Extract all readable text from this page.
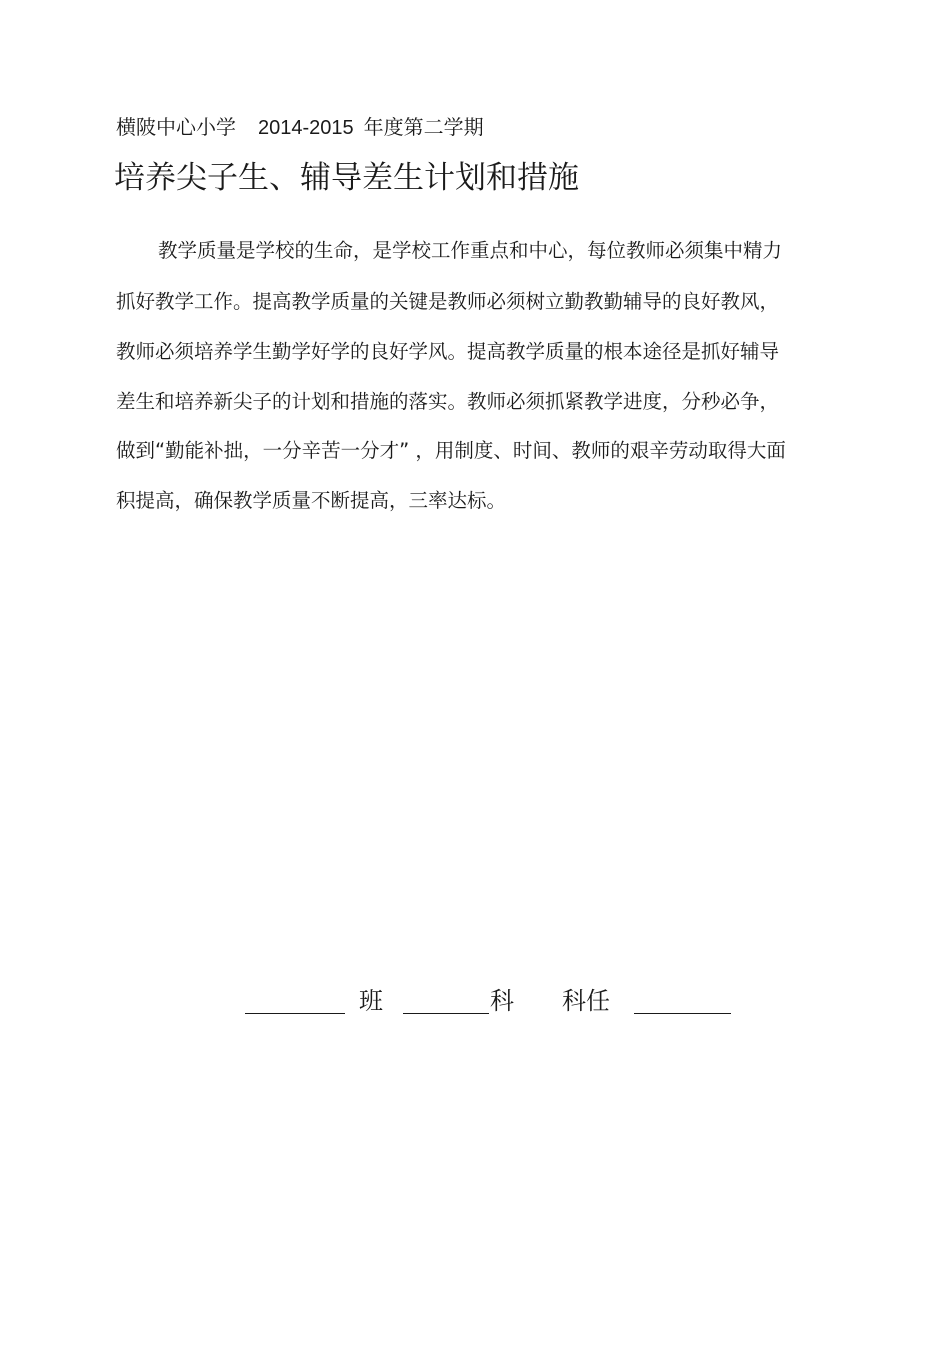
横陂中心小学 2014-2015 年度第二学期
培养尖子生、辅导差生计划和措施
教学质量是学校的生命，是学校工作重点和中心，每位教师必须集中精力
抓好教学工作。提高教学质量的关键是教师必须树立勤教勤辅导的良好教风，
教师必须培养学生勤学好学的良好学风。提高教学质量的根本途径是抓好辅导
差生和培养新尖子的计划和措施的落实。教师必须抓紧教学进度，分秒必争，
做到“勤能补拙，一分辛苦一分才” ，用制度、时间、教师的艰辛劳动取得大面
积提高，确保教学质量不断提高，三率达标。
班	科 科任
